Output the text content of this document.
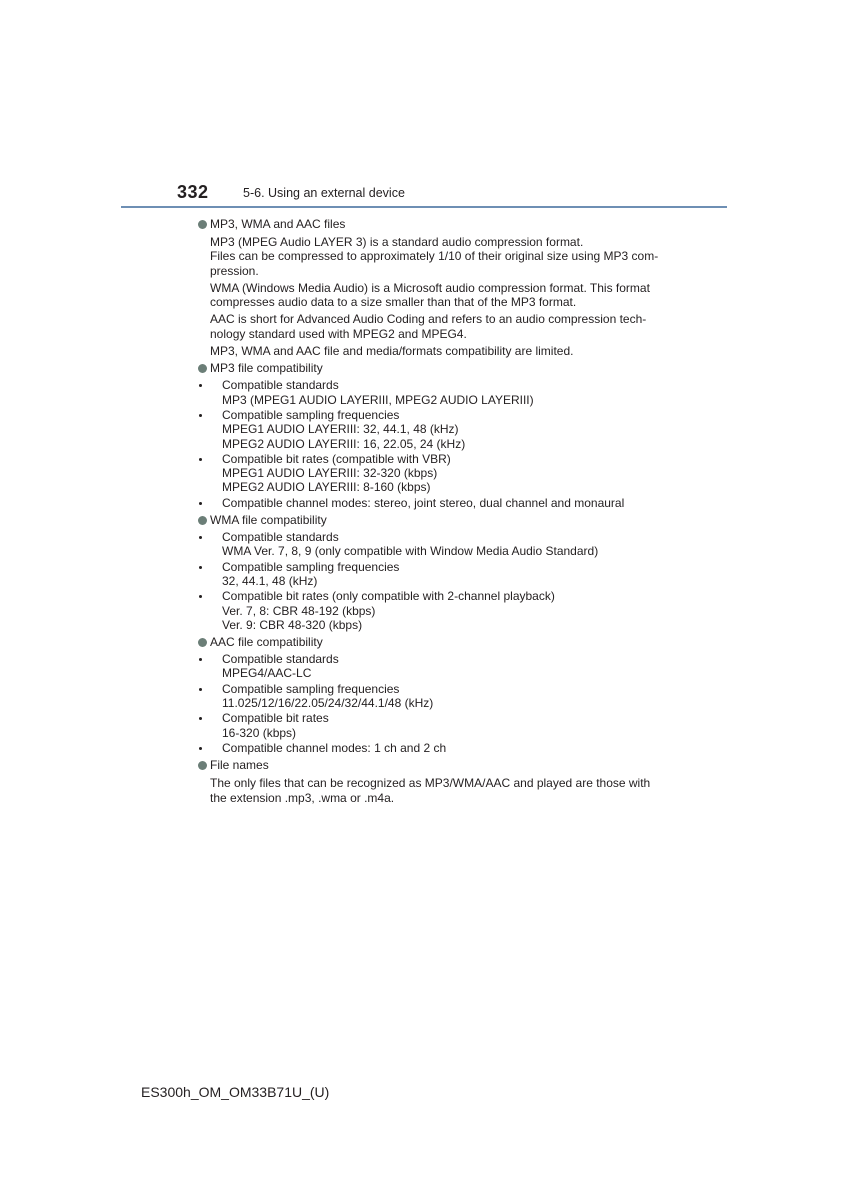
332	5-6. Using an external device
MP3, WMA and AAC files
MP3 (MPEG Audio LAYER 3) is a standard audio compression format.
Files can be compressed to approximately 1/10 of their original size using MP3 com-
pression.
WMA (Windows Media Audio) is a Microsoft audio compression format. This format
compresses audio data to a size smaller than that of the MP3 format.
AAC is short for Advanced Audio Coding and refers to an audio compression tech-
nology standard used with MPEG2 and MPEG4.
MP3, WMA and AAC file and media/formats compatibility are limited.
MP3 file compatibility
Compatible standards
MP3 (MPEG1 AUDIO LAYERIII, MPEG2 AUDIO LAYERIII)
Compatible sampling frequencies
MPEG1 AUDIO LAYERIII: 32, 44.1, 48 (kHz)
MPEG2 AUDIO LAYERIII: 16, 22.05, 24 (kHz)
Compatible bit rates (compatible with VBR)
MPEG1 AUDIO LAYERIII: 32-320 (kbps)
MPEG2 AUDIO LAYERIII: 8-160 (kbps)
Compatible channel modes: stereo, joint stereo, dual channel and monaural
WMA file compatibility
Compatible standards
WMA Ver. 7, 8, 9 (only compatible with Window Media Audio Standard)
Compatible sampling frequencies
32, 44.1, 48 (kHz)
Compatible bit rates (only compatible with 2-channel playback)
Ver. 7, 8: CBR 48-192 (kbps)
Ver. 9: CBR 48-320 (kbps)
AAC file compatibility
Compatible standards
MPEG4/AAC-LC
Compatible sampling frequencies
11.025/12/16/22.05/24/32/44.1/48 (kHz)
Compatible bit rates
16-320 (kbps)
Compatible channel modes: 1 ch and 2 ch
File names
The only files that can be recognized as MP3/WMA/AAC and played are those with
the extension .mp3, .wma or .m4a.
ES300h_OM_OM33B71U_(U)
